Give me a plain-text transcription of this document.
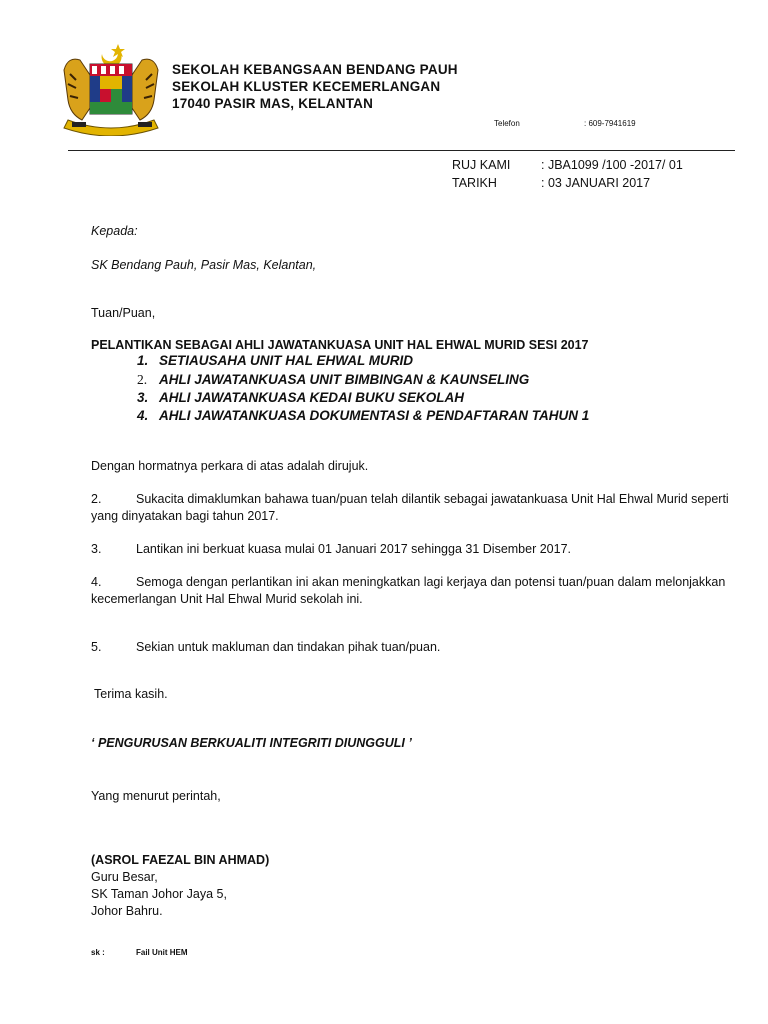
SEKOLAH KEBANGSAAN BENDANG PAUH
SEKOLAH KLUSTER KECEMERLANGAN
17040 PASIR MAS, KELANTAN
Telefon	: 609-7941619
RUJ KAMI : JBA1099 /100 -2017/ 01
TARIKH	: 03 JANUARI 2017
Kepada:
SK Bendang Pauh, Pasir Mas, Kelantan,
Tuan/Puan,
PELANTIKAN SEBAGAI AHLI JAWATANKUASA UNIT HAL EHWAL MURID SESI 2017
1. SETIAUSAHA UNIT HAL EHWAL MURID
2. AHLI JAWATANKUASA UNIT BIMBINGAN & KAUNSELING
3. AHLI JAWATANKUASA KEDAI BUKU SEKOLAH
4. AHLI JAWATANKUASA DOKUMENTASI & PENDAFTARAN TAHUN 1
Dengan hormatnya perkara di atas adalah dirujuk.
2.	Sukacita dimaklumkan bahawa tuan/puan telah dilantik sebagai jawatankuasa Unit Hal Ehwal Murid seperti
yang dinyatakan bagi tahun 2017.
3.	Lantikan ini berkuat kuasa mulai 01 Januari 2017 sehingga 31 Disember 2017.
4.	Semoga dengan perlantikan ini akan meningkatkan lagi kerjaya dan potensi tuan/puan dalam melonjakkan
kecemerlangan Unit Hal Ehwal Murid sekolah ini.
5.	Sekian untuk makluman dan tindakan pihak tuan/puan.
Terima kasih.
‘ PENGURUSAN BERKUALITI INTEGRITI DIUNGGULI ’
Yang menurut perintah,
(ASROL FAEZAL BIN AHMAD)
Guru Besar,
SK Taman Johor Jaya 5,
Johor Bahru.
sk :	Fail Unit HEM
